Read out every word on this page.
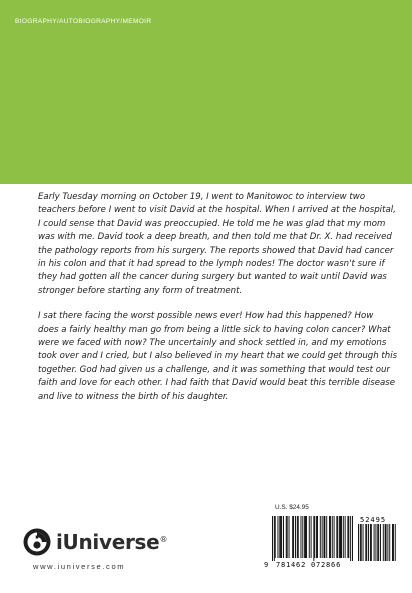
BIOGRAPHY/AUTOBIOGRAPHY/MEMOIR

Early Tuesday morning on October 19, I went to Manitowoc to interview two
teachers before I went to visit David at the hospital. When I arrived at the hospital,
I could sense that David was preoccupied. He told me he was glad that my mom
was with me. David took a deep breath, and then told me that Dr. X. had received
the pathology reports from his surgery. The reports showed that David had cancer
in his colon and that it had spread to the lymph nodes! The doctor wasn't sure if
they had gotten all the cancer during surgery but wanted to wait until David was
stronger before starting any form of treatment.

I sat there facing the worst possible news ever! How had this happened? How
does a fairly healthy man go from being a little sick to having colon cancer? What
were we faced with now? The uncertainly and shock settled in, and my emotions
took over and I cried, but I also believed in my heart that we could get through this
together. God had given us a challenge, and it was something that would test our
faith and love for each other. I had faith that David would beat this terrible disease
and live to witness the birth of his daughter.

U.S. $24.95
9 781462 072866
52495
iUniverse®
www.iuniverse.com
